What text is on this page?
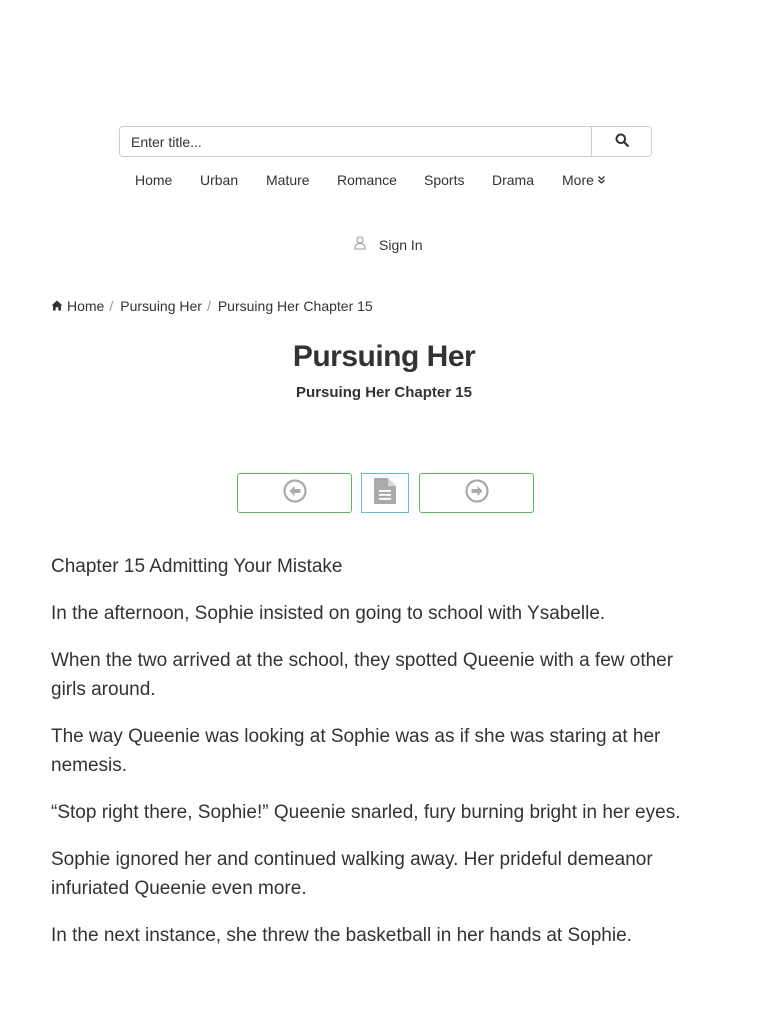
Enter title...
Home Urban Mature Romance Sports Drama More
Sign In
Home / Pursuing Her / Pursuing Her Chapter 15
Pursuing Her
Pursuing Her Chapter 15

Chapter 15 Admitting Your Mistake

In the afternoon, Sophie insisted on going to school with Ysabelle.

When the two arrived at the school, they spotted Queenie with a few other girls around.

The way Queenie was looking at Sophie was as if she was staring at her nemesis.

“Stop right there, Sophie!” Queenie snarled, fury burning bright in her eyes.

Sophie ignored her and continued walking away. Her prideful demeanor infuriated Queenie even more.

In the next instance, she threw the basketball in her hands at Sophie.
